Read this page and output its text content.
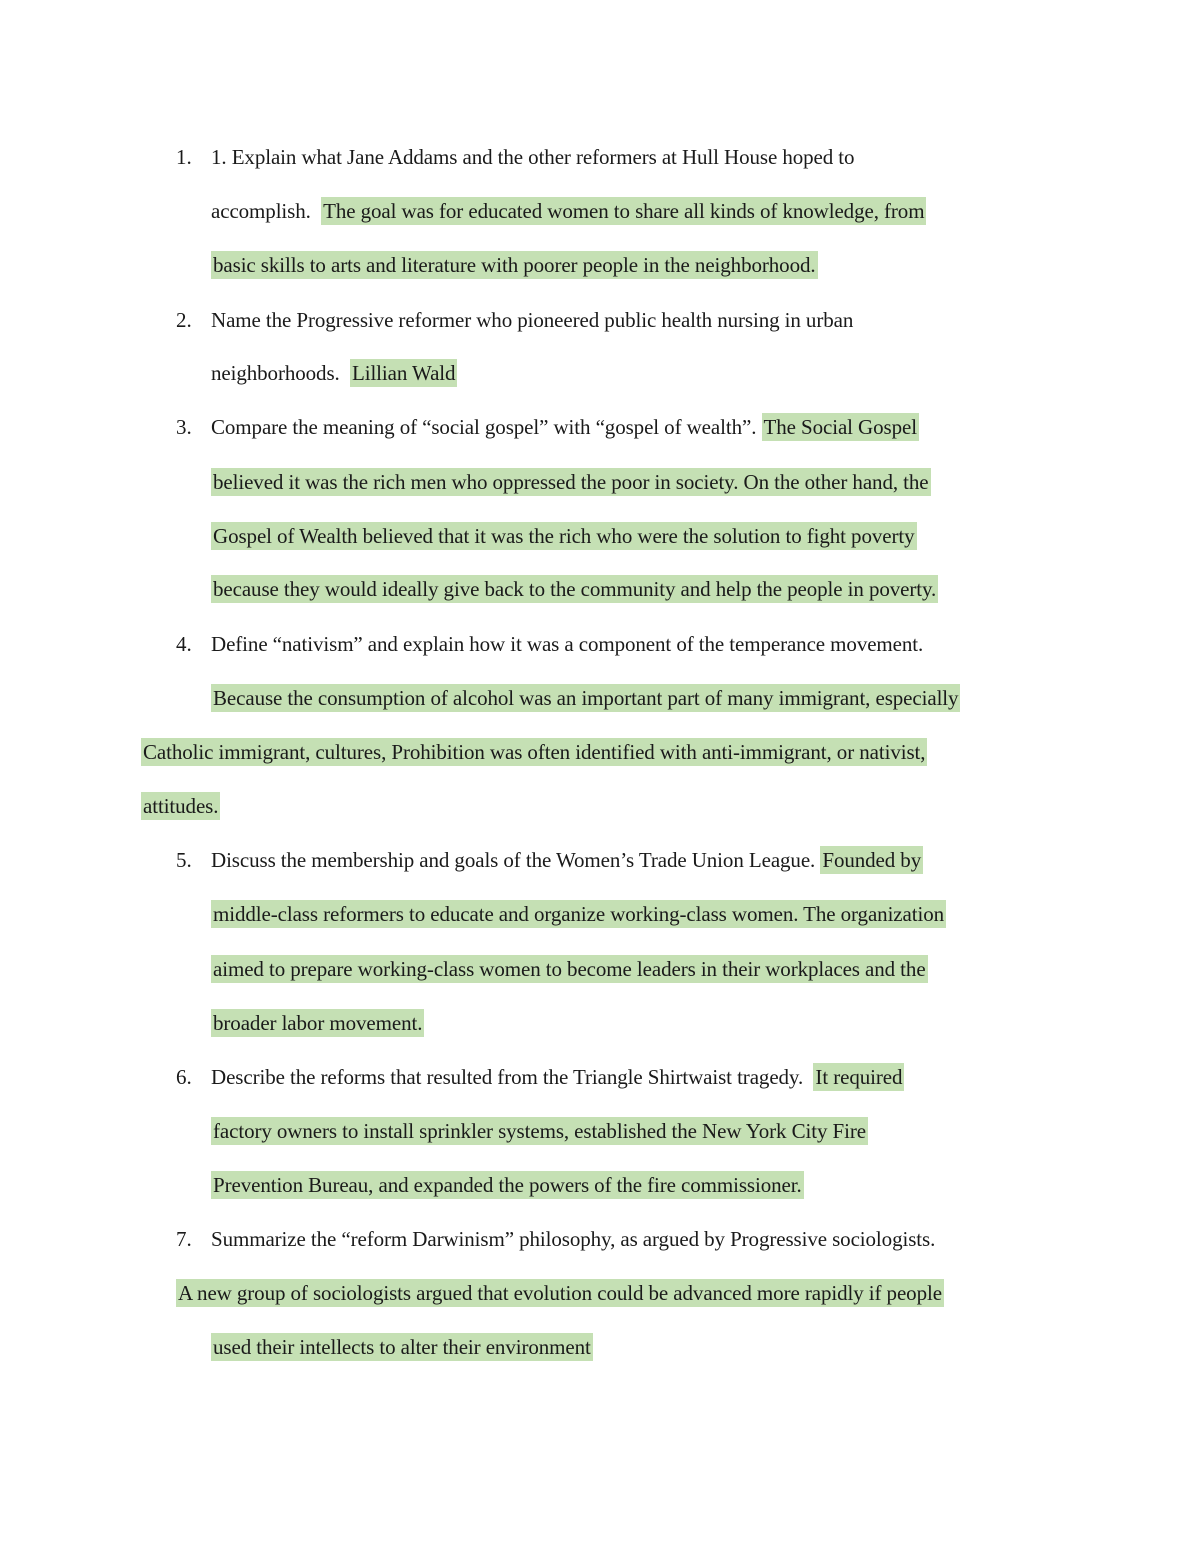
1. 1. Explain what Jane Addams and the other reformers at Hull House hoped to
accomplish.  The goal was for educated women to share all kinds of knowledge, from
basic skills to arts and literature with poorer people in the neighborhood.
2. Name the Progressive reformer who pioneered public health nursing in urban
neighborhoods.  Lillian Wald
3. Compare the meaning of “social gospel” with “gospel of wealth”. The Social Gospel
believed it was the rich men who oppressed the poor in society. On the other hand, the
Gospel of Wealth believed that it was the rich who were the solution to fight poverty
because they would ideally give back to the community and help the people in poverty.
4. Define “nativism” and explain how it was a component of the temperance movement.
Because the consumption of alcohol was an important part of many immigrant, especially
Catholic immigrant, cultures, Prohibition was often identified with anti-immigrant, or nativist,
attitudes.
5. Discuss the membership and goals of the Women’s Trade Union League. Founded by
middle-class reformers to educate and organize working-class women. The organization
aimed to prepare working-class women to become leaders in their workplaces and the
broader labor movement.
6. Describe the reforms that resulted from the Triangle Shirtwaist tragedy.  It required
factory owners to install sprinkler systems, established the New York City Fire
Prevention Bureau, and expanded the powers of the fire commissioner.
7. Summarize the “reform Darwinism” philosophy, as argued by Progressive sociologists.
A new group of sociologists argued that evolution could be advanced more rapidly if people
used their intellects to alter their environment
